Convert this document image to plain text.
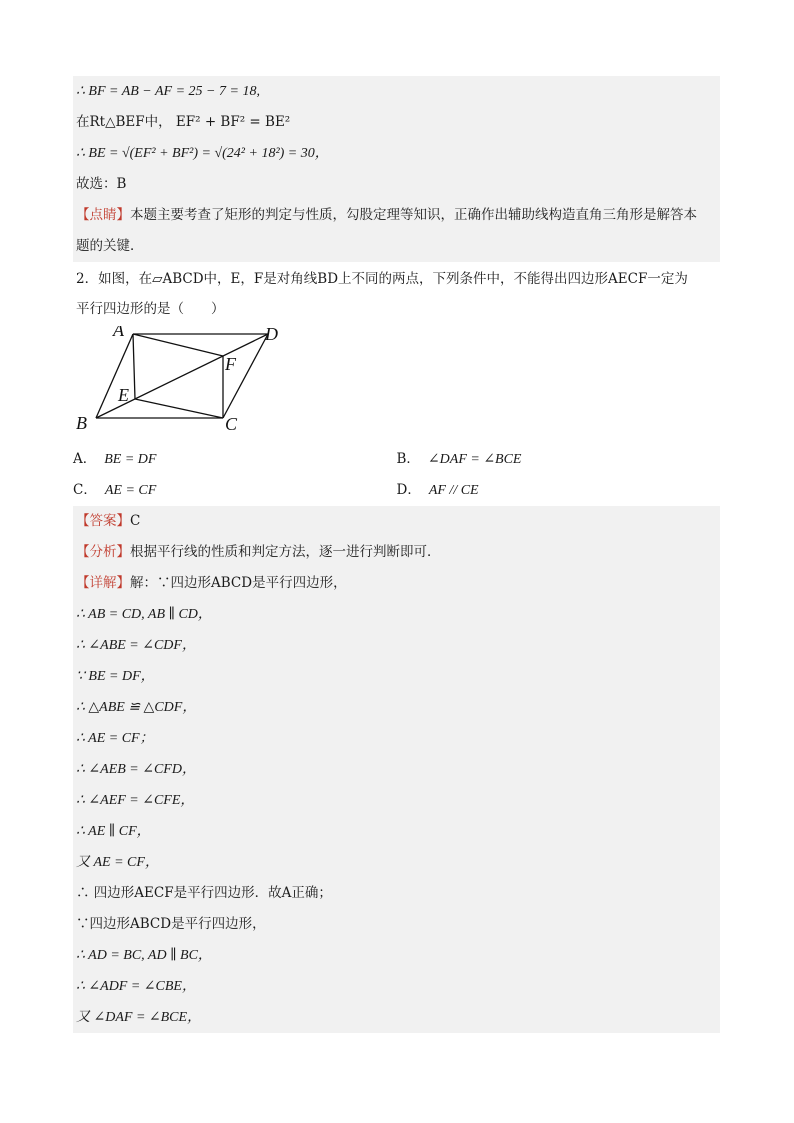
∴ BF = AB − AF = 25 − 7 = 18,
在Rt△BEF中， EF² + BF² = BE²
∴ BE = √(EF² + BF²) = √(24² + 18²) = 30，
故选：B
【点睛】本题主要考查了矩形的判定与性质，勾股定理等知识，正确作出辅助线构造直角三角形是解答本
题的关键．
2．如图，在▱ABCD中，E，F是对角线BD上不同的两点，下列条件中，不能得出四边形AECF一定为
平行四边形的是（　　）
A	D
B	C
E
F
A． BE = DF	B． ∠DAF = ∠BCE
C． AE = CF	D． AF // CE
【答案】C
【分析】根据平行线的性质和判定方法，逐一进行判断即可．
【详解】解：∵四边形ABCD是平行四边形，
∴ AB = CD, AB ∥ CD，
∴ ∠ABE = ∠CDF，
∵ BE = DF，
∴ △ABE ≌ △CDF，
∴ AE = CF；
∴ ∠AEB = ∠CFD，
∴ ∠AEF = ∠CFE，
∴ AE ∥ CF，
又 AE = CF，
∴ 四边形AECF是平行四边形．故A正确；
∵四边形ABCD是平行四边形，
∴ AD = BC, AD ∥ BC，
∴ ∠ADF = ∠CBE，
又 ∠DAF = ∠BCE，
